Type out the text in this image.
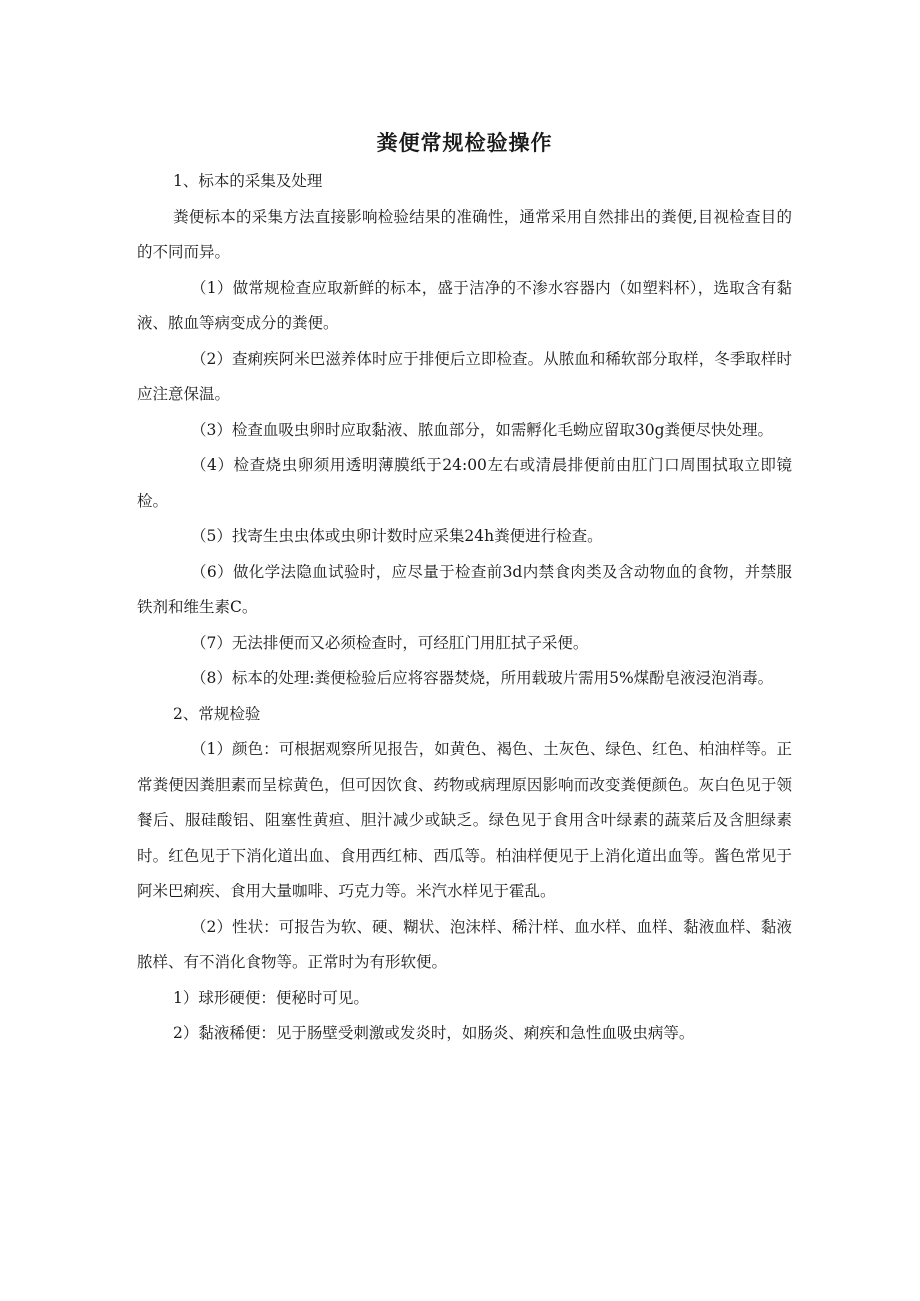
粪便常规检验操作

1、标本的采集及处理

粪便标本的采集方法直接影响检验结果的准确性，通常采用自然排出的粪便,目视检查目的的不同而异。

（1）做常规检查应取新鲜的标本，盛于洁净的不渗水容器内（如塑料杯），选取含有黏液、脓血等病变成分的粪便。

（2）查痢疾阿米巴滋养体时应于排便后立即检查。从脓血和稀软部分取样，冬季取样时应注意保温。

（3）检查血吸虫卵时应取黏液、脓血部分，如需孵化毛蚴应留取30g粪便尽快处理。

（4）检查烧虫卵须用透明薄膜纸于24:00左右或清晨排便前由肛门口周围拭取立即镜检。

（5）找寄生虫虫体或虫卵计数时应采集24h粪便进行检查。

（6）做化学法隐血试验时，应尽量于检查前3d内禁食肉类及含动物血的食物，并禁服铁剂和维生素C。

（7）无法排便而又必须检查时，可经肛门用肛拭子采便。

（8）标本的处理:粪便检验后应将容器焚烧，所用载玻片需用5%煤酚皂液浸泡消毒。

2、常规检验

（1）颜色：可根据观察所见报告，如黄色、褐色、土灰色、绿色、红色、柏油样等。正常粪便因粪胆素而呈棕黄色，但可因饮食、药物或病理原因影响而改变粪便颜色。灰白色见于领餐后、服硅酸铝、阻塞性黄疸、胆汁减少或缺乏。绿色见于食用含叶绿素的蔬菜后及含胆绿素时。红色见于下消化道出血、食用西红柿、西瓜等。柏油样便见于上消化道出血等。酱色常见于阿米巴痢疾、食用大量咖啡、巧克力等。米汽水样见于霍乱。

（2）性状：可报告为软、硬、糊状、泡沫样、稀汁样、血水样、血样、黏液血样、黏液脓样、有不消化食物等。正常时为有形软便。

1）球形硬便：便秘时可见。

2）黏液稀便：见于肠壁受刺激或发炎时，如肠炎、痢疾和急性血吸虫病等。
